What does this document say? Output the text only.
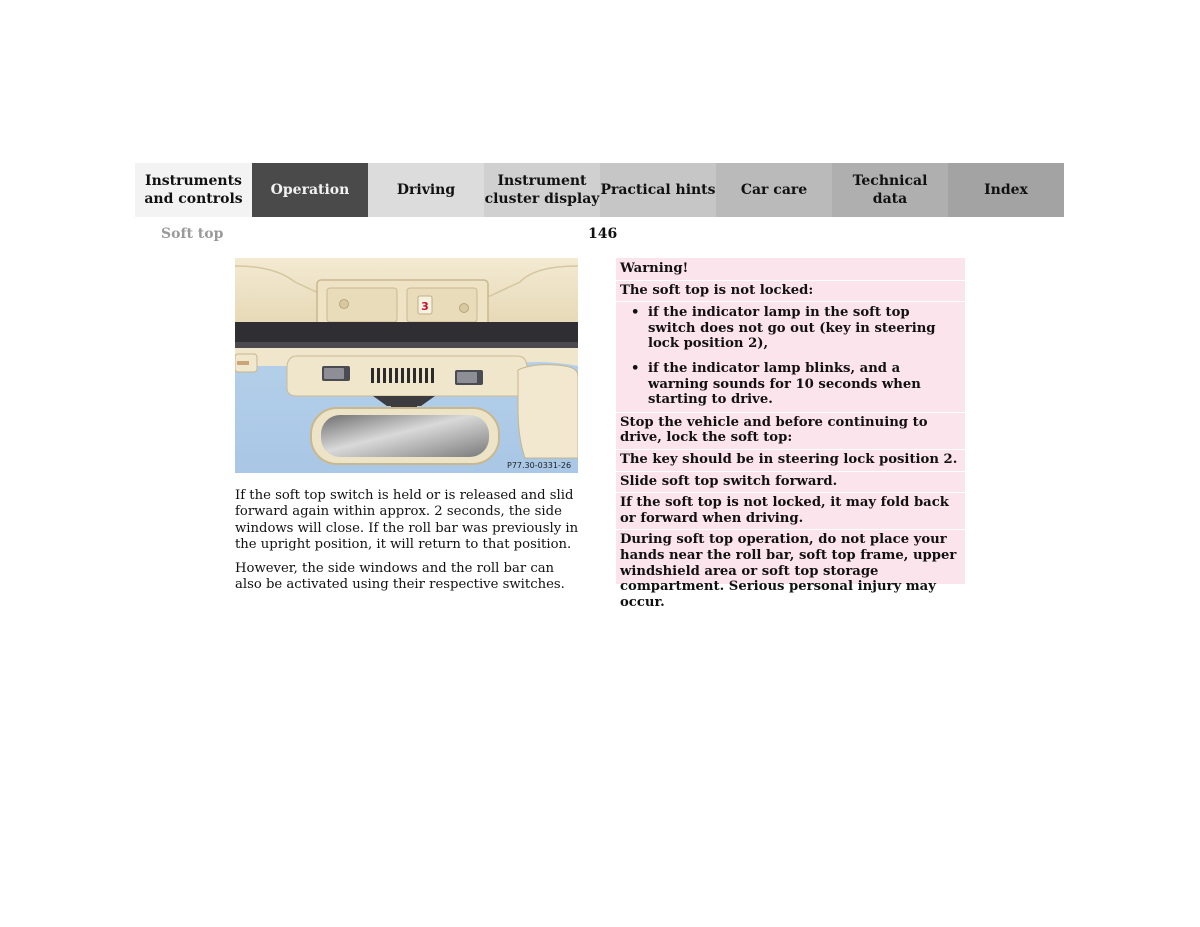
Instruments
and controls
Operation	Driving
Instrument
cluster display
Practical hints	Car care
Technical
data
Index
Soft top	146
3
P77.30-0331-26

If the soft top switch is held or is released and slid forward again within approx. 2 seconds, the side windows will close. If the roll bar was previously in the upright position, it will return to that position.

However, the side windows and the roll bar can also be activated using their respective switches.

Warning!
The soft top is not locked:
• if the indicator lamp in the soft top switch does not go out (key in steering lock position 2),
• if the indicator lamp blinks, and a warning sounds for 10 seconds when starting to drive.
Stop the vehicle and before continuing to drive, lock the soft top:
The key should be in steering lock position 2.
Slide soft top switch forward.
If the soft top is not locked, it may fold back or forward when driving.
During soft top operation, do not place your hands near the roll bar, soft top frame, upper windshield area or soft top storage compartment. Serious personal injury may occur.
